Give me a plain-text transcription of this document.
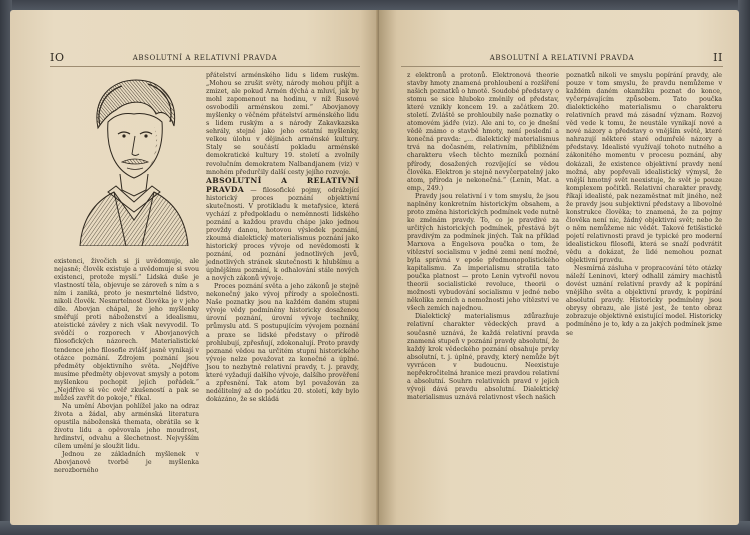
IO	ABSOLUTNÍ A RELATIVNÍ PRAVDA

existenci, živočich si ji uvědomuje, ale nejasně; člověk existuje a uvědomuje si svou existenci, protože myslí.“ Lidská duše je vlastností těla, objevuje se zároveň s ním a s ním i zaniká, proto je nesmrtelné lidstvo, nikoli člověk. Nesmrtelnost člověka je v jeho díle. Abovjan chápal, že jeho myšlenky směřují proti náboženství a idealismu, ateistické závěry z nich však nevyvodil. To svědčí o rozporech v Abovjanových filosofických názorech. Materialistické tendence jeho filosofie zvlášť jasně vynikají v otázce poznání. Zdrojem poznání jsou předměty objektivního světa. „Nejdříve musíme předměty objevovat smysly a potom myšlenkou pochopit jejich pořádek.“ „Nejdříve si věc ověř zkušeností a pak se můžeš zavřít do pokoje,“ říkal.

Na umění Abovjan pohlížel jako na odraz života a žádal, aby arménská literatura opustila náboženská themata, obrátila se k životu lidu a opěvovala jeho moudrost, hrdinství, odvahu a šlechetnost. Nejvyšším cílem umění je sloužit lidu.

Jednou ze základních myšlenek v Abovjanově tvorbě je myšlenka nerozborného

přátelství arménského lidu s lidem ruským. „Mohou se zrušit světy, národy mohou přijít a zmizet, ale pokud Armén dýchá a mluví, jak by mohl zapomenout na hodinu, v níž Rusové osvobodili arménskou zemi.“ Abovjanovy myšlenky o věčném přátelství arménského lidu s lidem ruským a s národy Zakavkazska sehrály, stejně jako jeho ostatní myšlenky, velkou úlohu v dějinách arménské kultury. Staly se součástí pokladu arménské demokratické kultury 19. století a zvolnily revolučním demokratem Nalbandjanem (viz) v mnohém předurčily další cesty jejího rozvoje.

ABSOLUTNÍ A RELATIVNÍ PRAVDA — filosofické pojmy, odrážející historický proces poznání objektivní skutečnosti. V protikladu k metafysice, která vychází z předpokladu o neměnnosti lidského poznání a každou pravdu chápe jako jednou provždy danou, hotovou výsledek poznání, zkoumá dialektický materialismus poznání jako historický proces vývoje od nevědomosti k poznání, od poznání jednotlivých jevů, jednotlivých stránek skutečnosti k hlubšímu a úplnějšímu poznání, k odhalování stále nových a nových zákonů vývoje.

Proces poznání světa a jeho zákonů je stejně nekonečný jako vývoj přírody a společnosti. Naše poznatky jsou na každém daném stupni vývoje vědy podmíněny historicky dosaženou úrovní poznání, úrovní vývoje techniky, průmyslu atd. S postupujícím vývojem poznání a praxe se lidské představy o přírodě prohlubují, zpřesňují, zdokonalují. Proto pravdy poznané vědou na určitém stupni historického vývoje nelze považovat za konečné a úplné. Jsou to nezbytně relativní pravdy, t. j. pravdy, které vyžadují dalšího vývoje, dalšího prověření a zpřesnění. Tak atom byl považován za nedělitelný až do počátku 20. století, kdy bylo dokázáno, že se skládá

ABSOLUTNÍ A RELATIVNÍ PRAVDA	II

z elektronů a protonů. Elektronová theorie stavby hmoty znamená prohloubení a rozšíření našich poznatků o hmotě. Soudobé představy o stomu se sice hluboko změnily od představ, které vznikly koncem 19. a začátkem 20. století. Zvláště se prohloubily naše poznatky o atomovém jádře (viz). Ale ani to, co je dnešní vědě známo o stavbě hmoty, není poslední a konečná pravda: „... dialektický materialismus trvá na dočasném, relativním, přibližném charakteru všech těchto mezníků poznání přírody, dosažených rozvíjející se vědou člověka. Elektron je stejně nevyčerpatelný jako atom, příroda je nekonečná.“ (Lenin, Mat. a emp., 249.)

Pravdy jsou relativní i v tom smyslu, že jsou naplněny konkretním historickým obsahem, a proto změna historických podmínek vede nutně ke změnám pravdy. To, co je pravdivé za určitých historických podmínek, přestává být pravdivým za podmínek jiných. Tak na příklad Marxova a Engelsova poučka o tom, že vítězství socialismu v jedné zemi není možné, byla správná v epoše předmonopolistického kapitalismu. Za imperialismu stratila tato poučka platnost — proto Lenin vytvořil novou theorii socialistické revoluce, theorii o možnosti vybudování socialismu v jedné nebo několika zemích a nemožnosti jeho vítězství ve všech zemích najednou.

Dialektický materialismus zdůrazňuje relativní charakter vědeckých pravd a současně uznává, že každá relativní pravda znamená stupeň v poznání pravdy absolutní, že každý krok vědeckého poznání obsahuje prvky absolutní, t. j. úplné, pravdy, který nemůže být vyvrácen v budoucnu. Neexistuje nepřekročitelná hranice mezi pravdou relativní a absolutní. Souhrn relativních pravd v jejich vývoji dává pravdu absolutní. Dialektický materialismus uznává relativnost všech našich

poznatků nikoli ve smyslu popírání pravdy, ale pouze v tom smyslu, že pravdu nemůžeme v každém daném okamžiku poznat do konce, vyčerpávajícím způsobem. Tato poučka dialektického materialismu o charakteru relativních pravd má zásadní význam. Rozvoj věd vede k tomu, že neustále vynikají nové a nové názory a představy o vnějším světě, které nahrazují některé staré odumřelé názory a představy. Idealisté využívají tohoto nutného a zákonitého momentu v procesu poznání, aby dokázali, že existence objektivní pravdy není možná, aby popřevali idealistický výmysl, že vnější hmotný svět neexistuje, že svět je pouze komplexem počitků. Relativní charakter pravdy, říkají idealisté, pak nezaměstnat mít jiného, než že pravdy jsou subjektivní představy a libovolné konstrukce člověka; to znamená, že za pojmy člověka není nic, žádný objektivní svět; nebo že o něm nemůžeme nic vědět. Takové fetišistické pojetí relativnosti pravd je typické pro moderní idealistickou filosofii, která se snaží podvrátit vědu a dokázat, že lidé nemohou poznat objektivní pravdu.

Nesmírná zásluha v propracování této otázky náleží Leninovi, který odhalil zámiry machistů dovést uznání relativní pravdy až k popírání vnějšího světa a objektivní pravdy, k popírání absolutní pravdy. Historicky podmíněny jsou obrysy obrazu, ale jisté jest, že tento obraz zobrazuje objektivně existující model. Historicky podmíněno je to, kdy a za jakých podmínek jsme se
